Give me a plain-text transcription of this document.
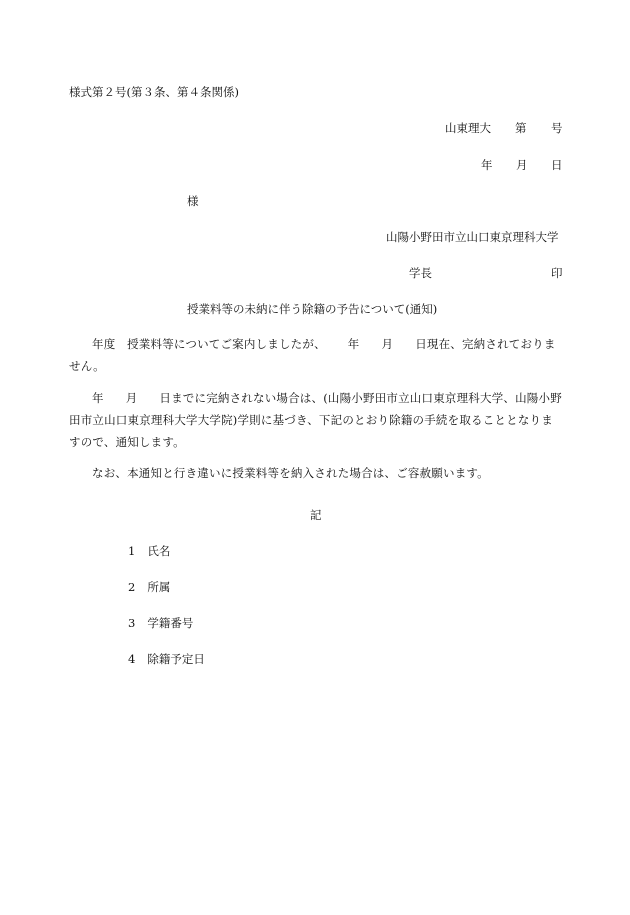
様式第２号(第３条、第４条関係)
山東理大 第 号
年 月 日
様
山陽小野田市立山口東京理科大学
学長	印
授業料等の未納に伴う除籍の予告について(通知)
年度　授業料等についてご案内しましたが、 年 月 日現在、完納されておりません。
年 月 日までに完納されない場合は、(山陽小野田市立山口東京理科大学、山陽小野田市立山口東京理科大学大学院)学則に基づき、下記のとおり除籍の手続を取ることとなりますので、通知します。
なお、本通知と行き違いに授業料等を納入された場合は、ご容赦願います。
記
1 氏名
2 所属
3 学籍番号
4 除籍予定日
